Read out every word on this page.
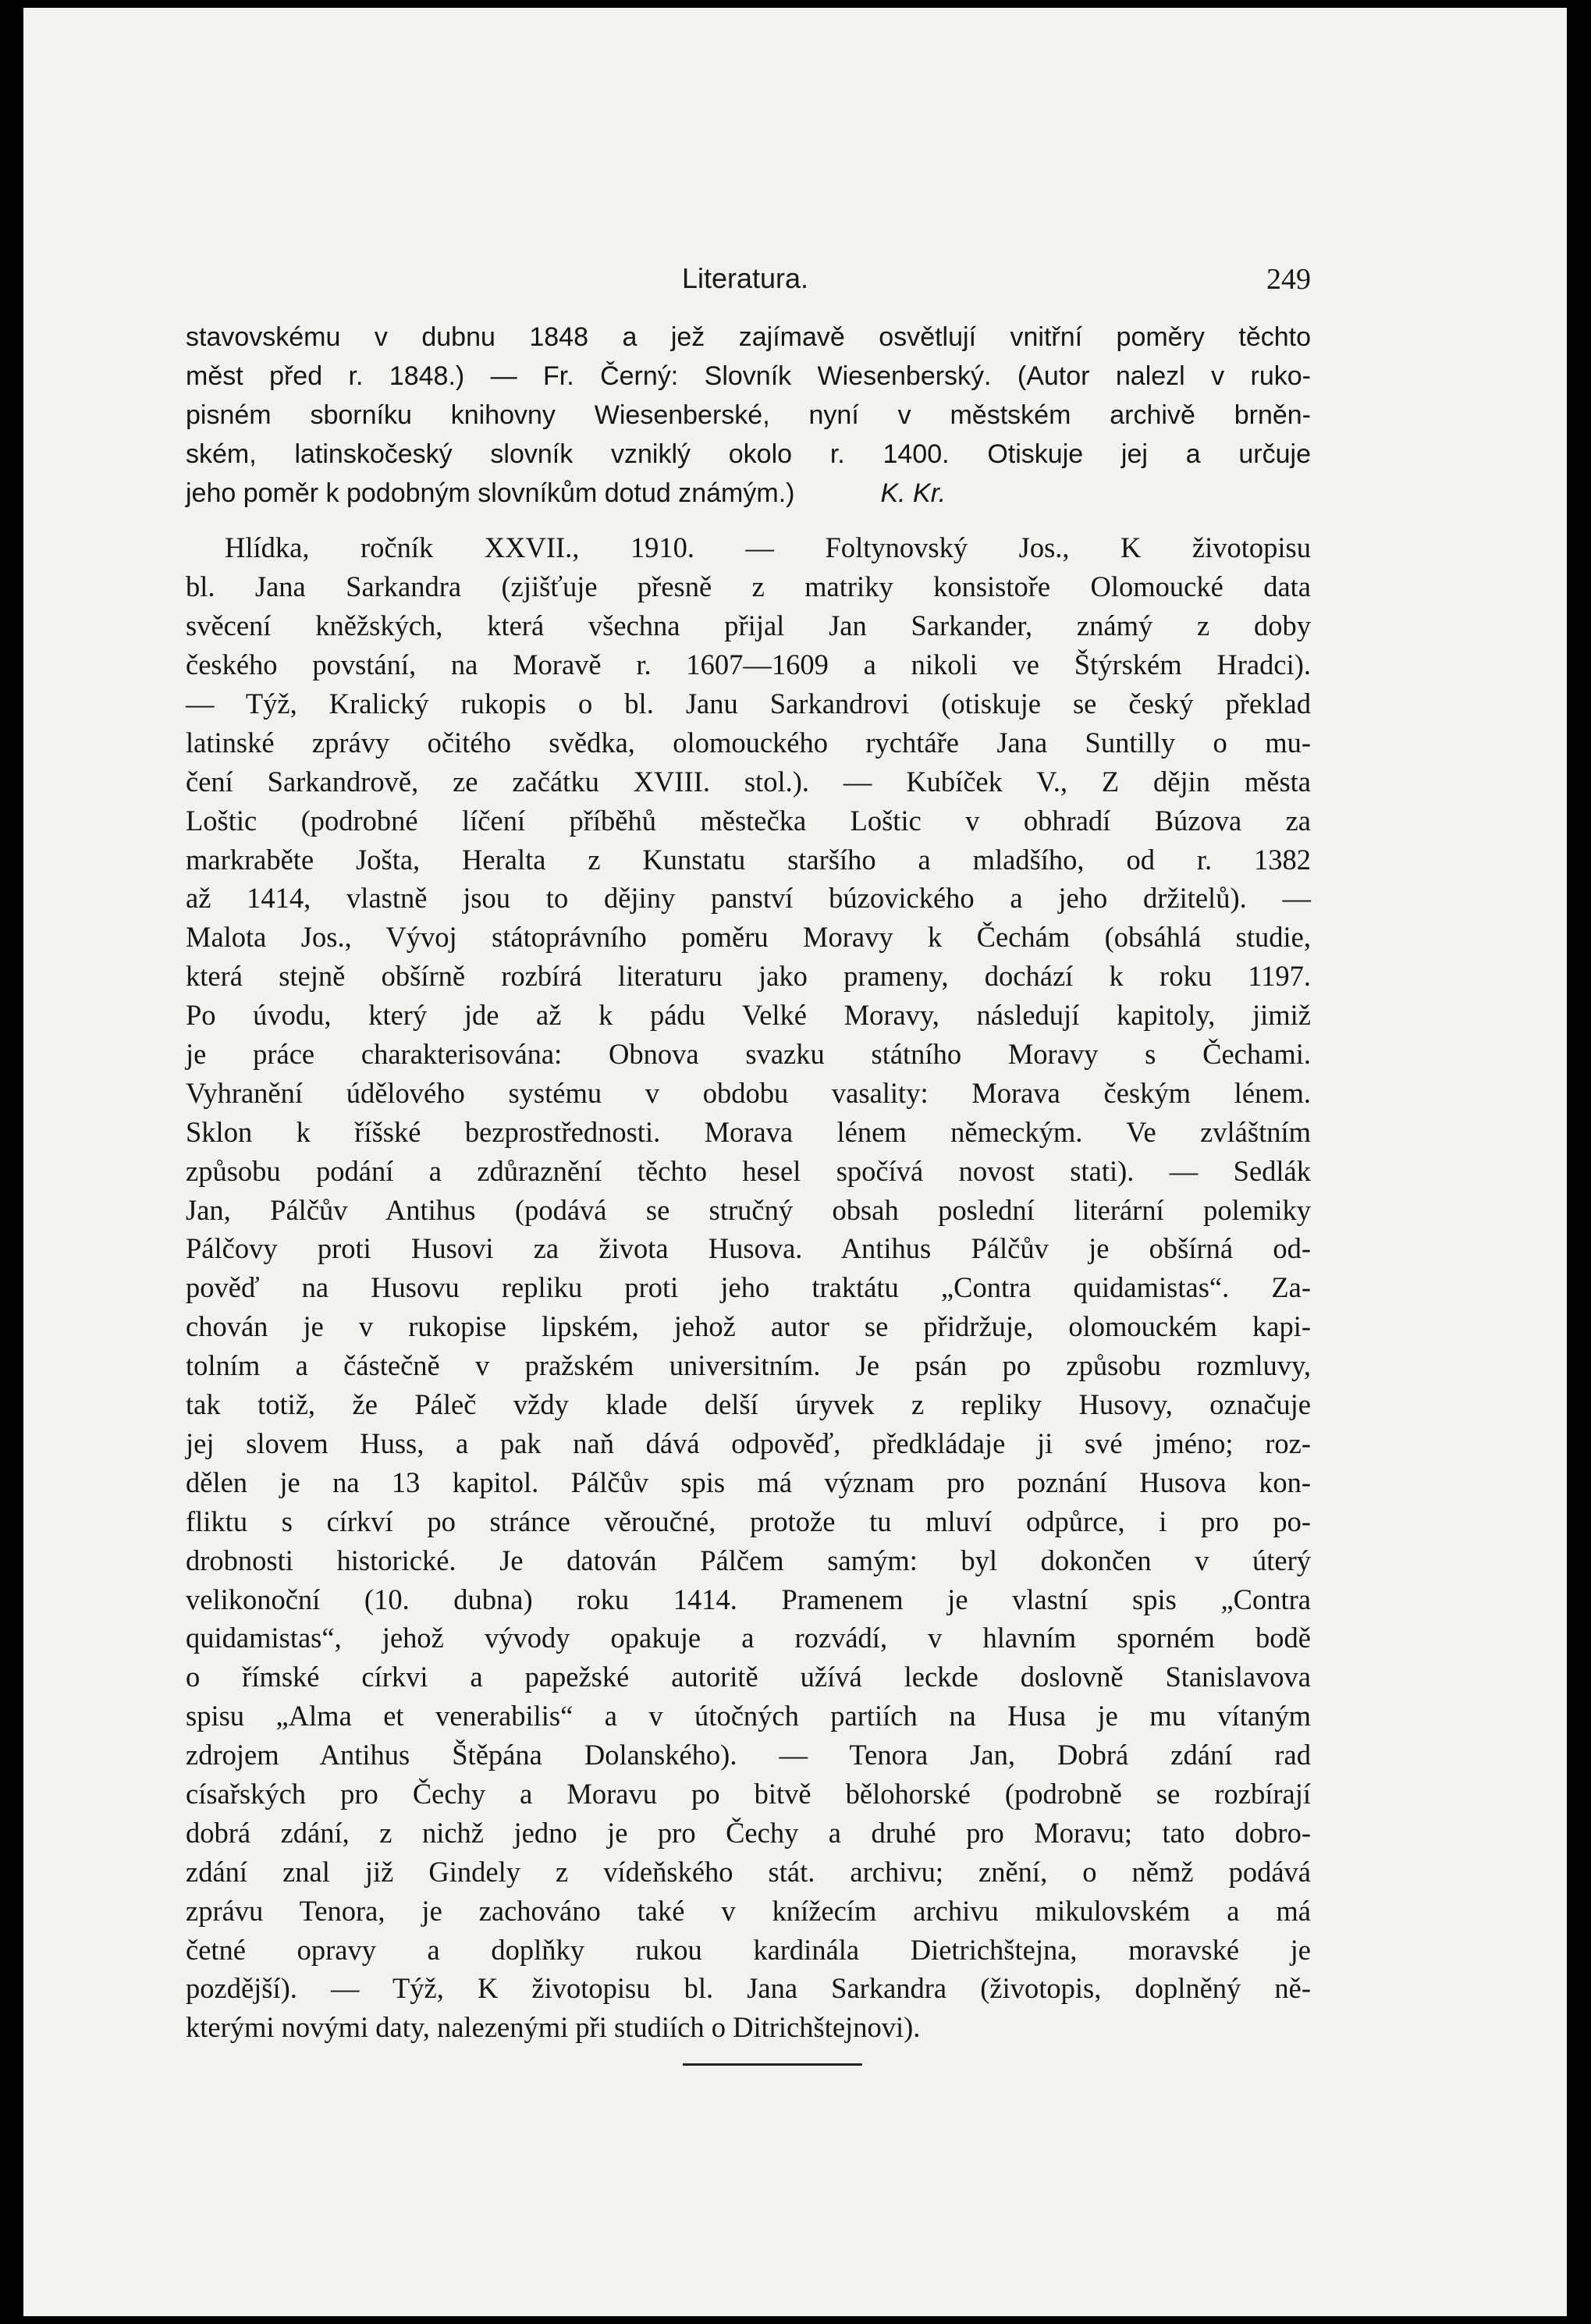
Literatura.	249
stavovskému v dubnu 1848 a jež zajímavě osvětlují vnitřní poměry těchto
měst před r. 1848.) — Fr. Černý: Slovník Wiesenberský. (Autor nalezl v ruko-
pisném sborníku knihovny Wiesenberské, nyní v městském archivě brněn-
ském, latinskočeský slovník vzniklý okolo r. 1400. Otiskuje jej a určuje
jeho poměr k podobným slovníkům dotud známým.)	K. Kr.
Hlídka, ročník XXVII., 1910. — Foltynovský Jos., K životopisu
bl. Jana Sarkandra (zjišťuje přesně z matriky konsistoře Olomoucké data
svěcení kněžských, která všechna přijal Jan Sarkander, známý z doby
českého povstání, na Moravě r. 1607—1609 a nikoli ve Štýrském Hradci).
— Týž, Kralický rukopis o bl. Janu Sarkandrovi (otiskuje se český překlad
latinské zprávy očitého svědka, olomouckého rychtáře Jana Suntilly o mu-
čení Sarkandrově, ze začátku XVIII. stol.). — Kubíček V., Z dějin města
Loštic (podrobné líčení příběhů městečka Loštic v obhradí Búzova za
markraběte Jošta, Heralta z Kunstatu staršího a mladšího, od r. 1382
až 1414, vlastně jsou to dějiny panství búzovického a jeho držitelů). —
Malota Jos., Vývoj státoprávního poměru Moravy k Čechám (obsáhlá studie,
která stejně obšírně rozbírá literaturu jako prameny, dochází k roku 1197.
Po úvodu, který jde až k pádu Velké Moravy, následují kapitoly, jimiž
je práce charakterisována: Obnova svazku státního Moravy s Čechami.
Vyhranění údělového systému v obdobu vasality: Morava českým lénem.
Sklon k říšské bezprostřednosti. Morava lénem německým. Ve zvláštním
způsobu podání a zdůraznění těchto hesel spočívá novost stati). — Sedlák
Jan, Pálčův Antihus (podává se stručný obsah poslední literární polemiky
Pálčovy proti Husovi za života Husova. Antihus Pálčův je obšírná od-
pověď na Husovu repliku proti jeho traktátu „Contra quidamistas“. Za-
chován je v rukopise lipském, jehož autor se přidržuje, olomouckém kapi-
tolním a částečně v pražském universitním. Je psán po způsobu rozmluvy,
tak totiž, že Páleč vždy klade delší úryvek z repliky Husovy, označuje
jej slovem Huss, a pak naň dává odpověď, předkládaje ji své jméno; roz-
dělen je na 13 kapitol. Pálčův spis má význam pro poznání Husova kon-
fliktu s církví po stránce věroučné, protože tu mluví odpůrce, i pro po-
drobnosti historické. Je datován Pálčem samým: byl dokončen v úterý
velikonoční (10. dubna) roku 1414. Pramenem je vlastní spis „Contra
quidamistas“, jehož vývody opakuje a rozvádí, v hlavním sporném bodě
o římské církvi a papežské autoritě užívá leckde doslovně Stanislavova
spisu „Alma et venerabilis“ a v útočných partiích na Husa je mu vítaným
zdrojem Antihus Štěpána Dolanského). — Tenora Jan, Dobrá zdání rad
císařských pro Čechy a Moravu po bitvě bělohorské (podrobně se rozbírají
dobrá zdání, z nichž jedno je pro Čechy a druhé pro Moravu; tato dobro-
zdání znal již Gindely z vídeňského stát. archivu; znění, o němž podává
zprávu Tenora, je zachováno také v knížecím archivu mikulovském a má
četné opravy a doplňky rukou kardinála Dietrichštejna, moravské je
pozdější). — Týž, K životopisu bl. Jana Sarkandra (životopis, doplněný ně-
kterými novými daty, nalezenými při studiích o Ditrichštejnovi).
